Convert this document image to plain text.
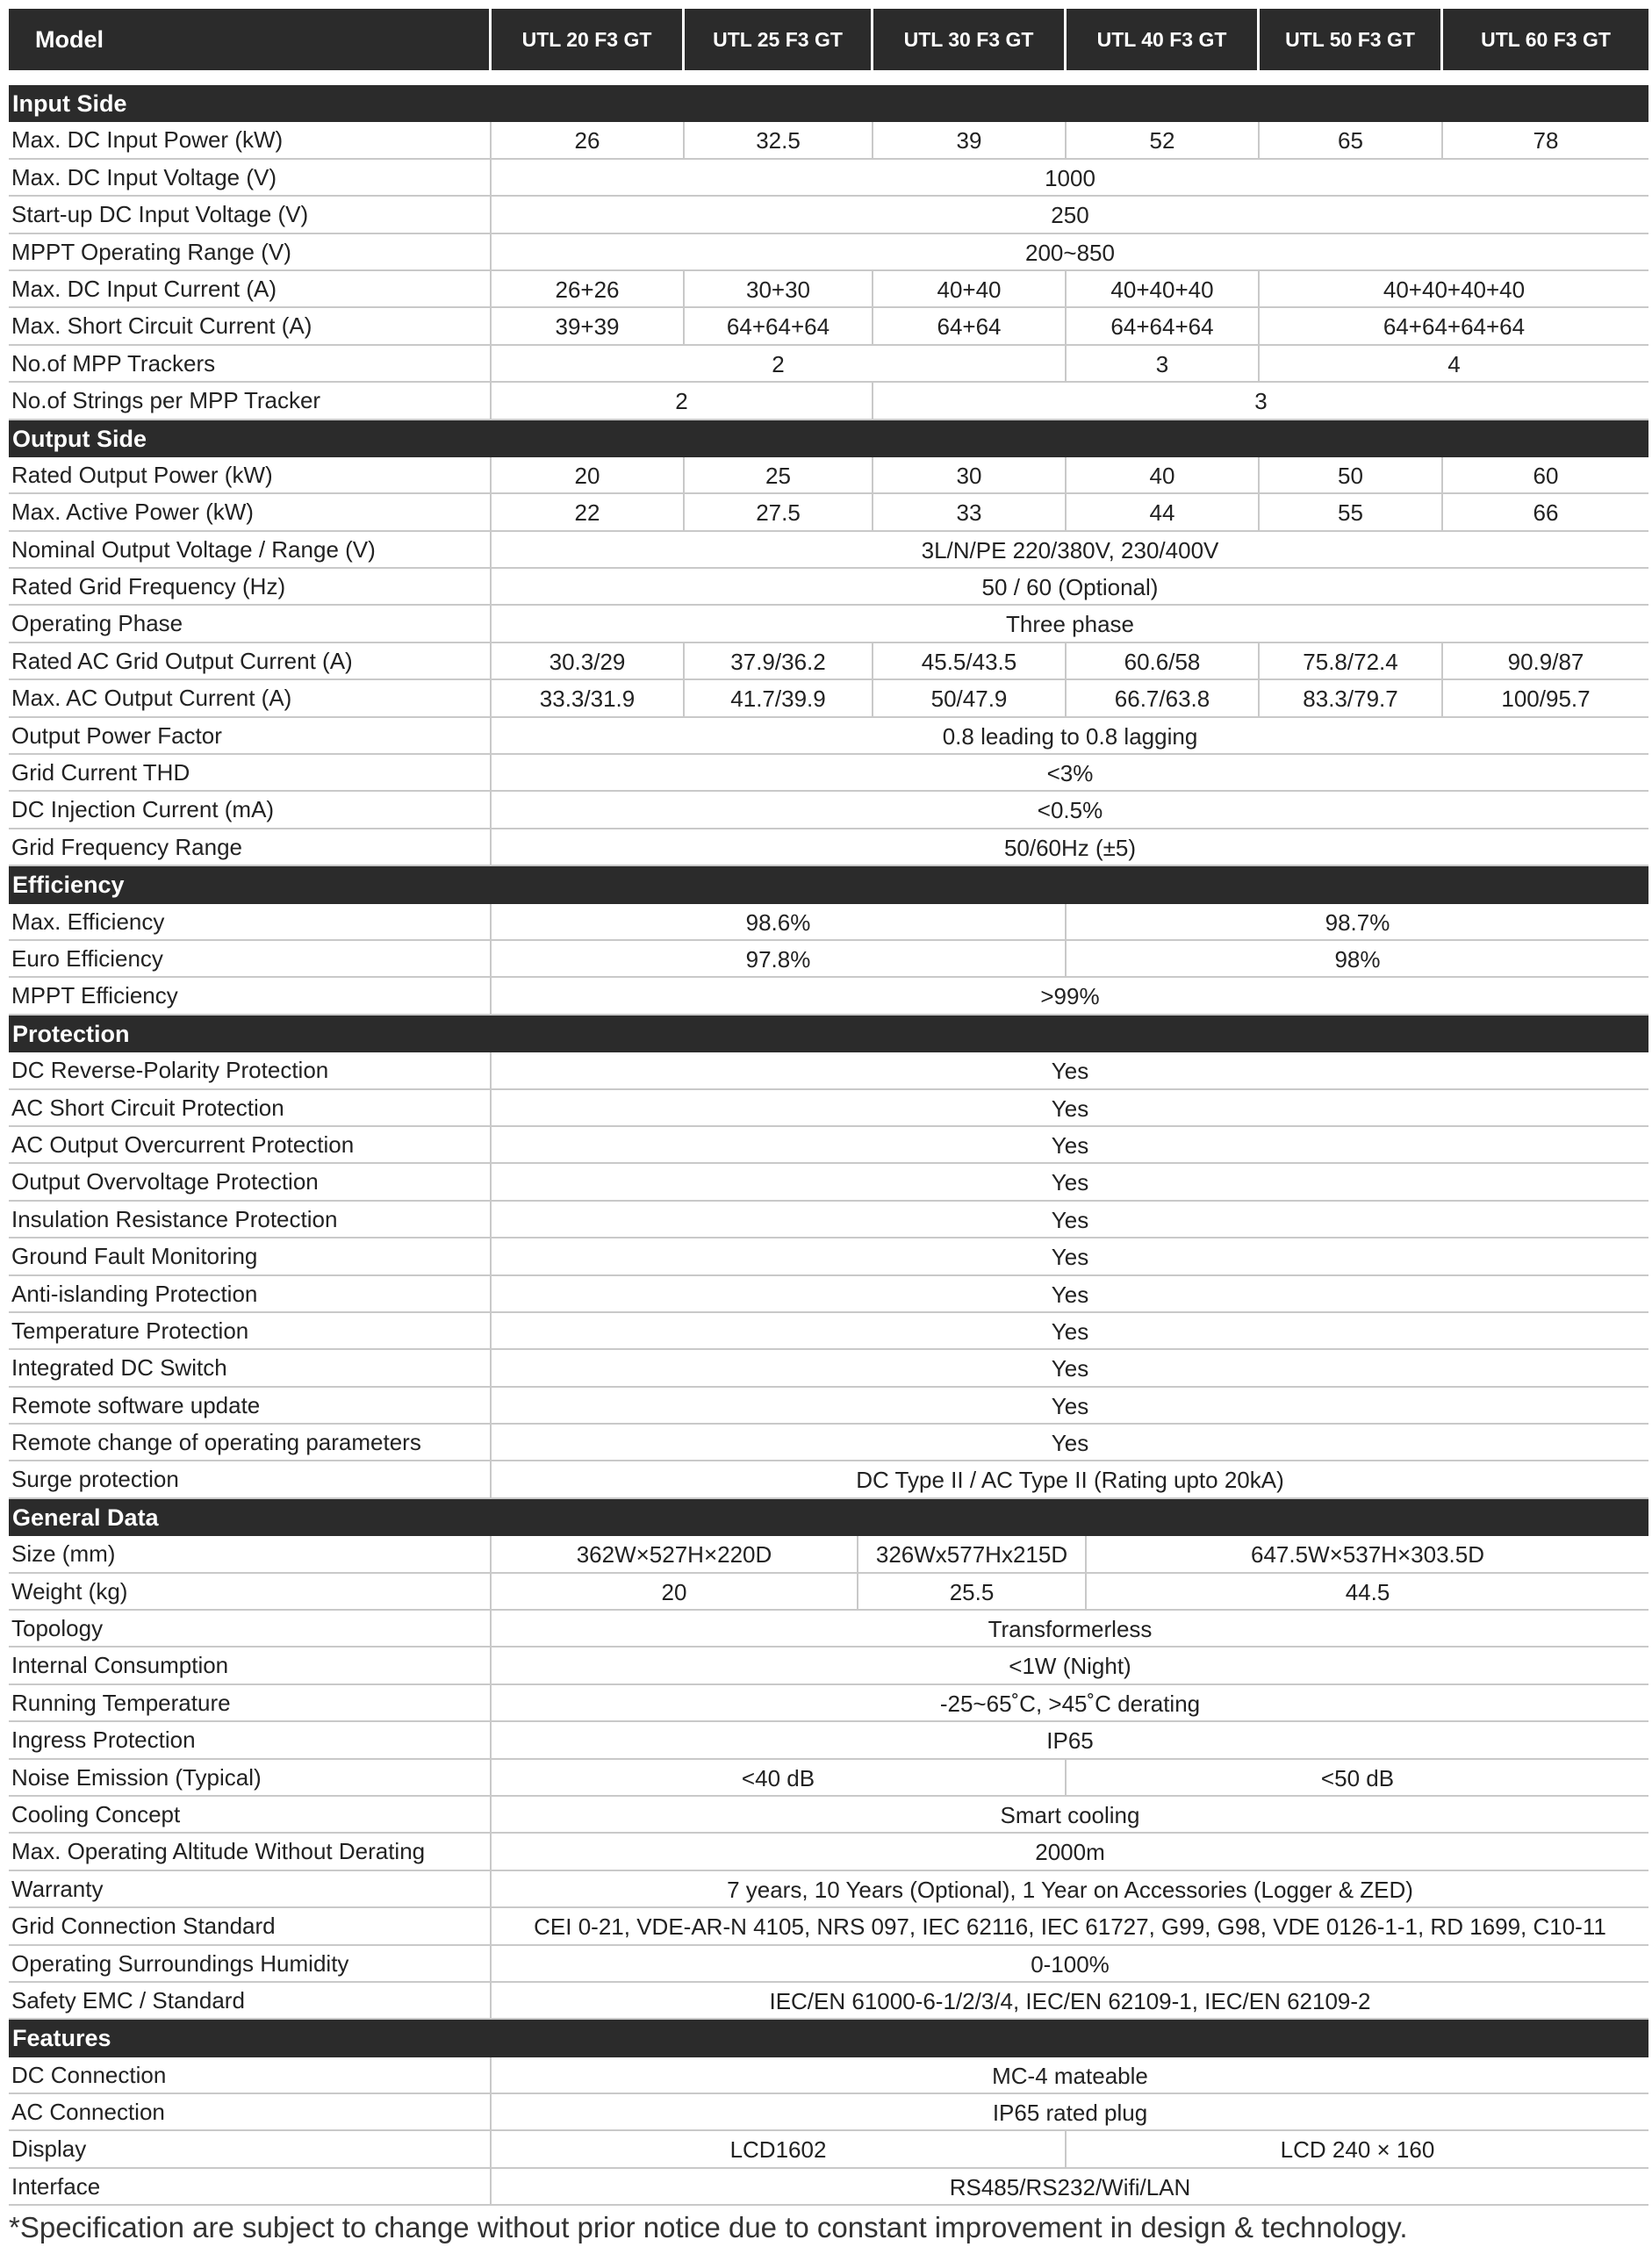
Model	UTL 20 F3 GT	UTL 25 F3 GT	UTL 30 F3 GT	UTL 40 F3 GT	UTL 50 F3 GT	UTL 60 F3 GT
Input Side
Max. DC Input Power (kW)	26	32.5	39	52	65	78
Max. DC Input Voltage (V)	1000
Start-up DC Input Voltage (V)	250
MPPT Operating Range (V)	200~850
Max. DC Input Current (A)	26+26	30+30	40+40	40+40+40	40+40+40+40
Max. Short Circuit Current (A)	39+39	64+64+64	64+64	64+64+64	64+64+64+64
No.of MPP Trackers	2	3	4
No.of Strings per MPP Tracker	2	3
Output Side
Rated Output Power (kW)	20	25	30	40	50	60
Max. Active Power (kW)	22	27.5	33	44	55	66
Nominal Output Voltage / Range (V)	3L/N/PE 220/380V, 230/400V
Rated Grid Frequency (Hz)	50 / 60 (Optional)
Operating Phase	Three phase
Rated AC Grid Output Current (A)	30.3/29	37.9/36.2	45.5/43.5	60.6/58	75.8/72.4	90.9/87
Max. AC Output Current (A)	33.3/31.9	41.7/39.9	50/47.9	66.7/63.8	83.3/79.7	100/95.7
Output Power Factor	0.8 leading to 0.8 lagging
Grid Current THD	<3%
DC Injection Current (mA)	<0.5%
Grid Frequency Range	50/60Hz (±5)
Efficiency
Max. Efficiency	98.6%	98.7%
Euro Efficiency	97.8%	98%
MPPT Efficiency	>99%
Protection
DC Reverse-Polarity Protection	Yes
AC Short Circuit Protection	Yes
AC Output Overcurrent Protection	Yes
Output Overvoltage Protection	Yes
Insulation Resistance Protection	Yes
Ground Fault Monitoring	Yes
Anti-islanding Protection	Yes
Temperature Protection	Yes
Integrated DC Switch	Yes
Remote software update	Yes
Remote change of operating parameters	Yes
Surge protection	DC Type II / AC Type II (Rating upto 20kA)
General Data
Size (mm)	362W×527H×220D	326Wx577Hx215D	647.5W×537H×303.5D
Weight (kg)	20	25.5	44.5
Topology	Transformerless
Internal Consumption	<1W (Night)
Running Temperature	-25~65˚C, >45˚C derating
Ingress Protection	IP65
Noise Emission (Typical)	<40 dB	<50 dB
Cooling Concept	Smart cooling
Max. Operating Altitude Without Derating	2000m
Warranty	7 years, 10 Years (Optional), 1 Year on Accessories (Logger & ZED)
Grid Connection Standard	CEI 0-21, VDE-AR-N 4105, NRS 097, IEC 62116, IEC 61727, G99, G98, VDE 0126-1-1, RD 1699, C10-11
Operating Surroundings Humidity	0-100%
Safety EMC / Standard	IEC/EN 61000-6-1/2/3/4, IEC/EN 62109-1, IEC/EN 62109-2
Features
DC Connection	MC-4 mateable
AC Connection	IP65 rated plug
Display	LCD1602	LCD 240 × 160
Interface	RS485/RS232/Wifi/LAN
*Specification are subject to change without prior notice due to constant improvement in design & technology.
